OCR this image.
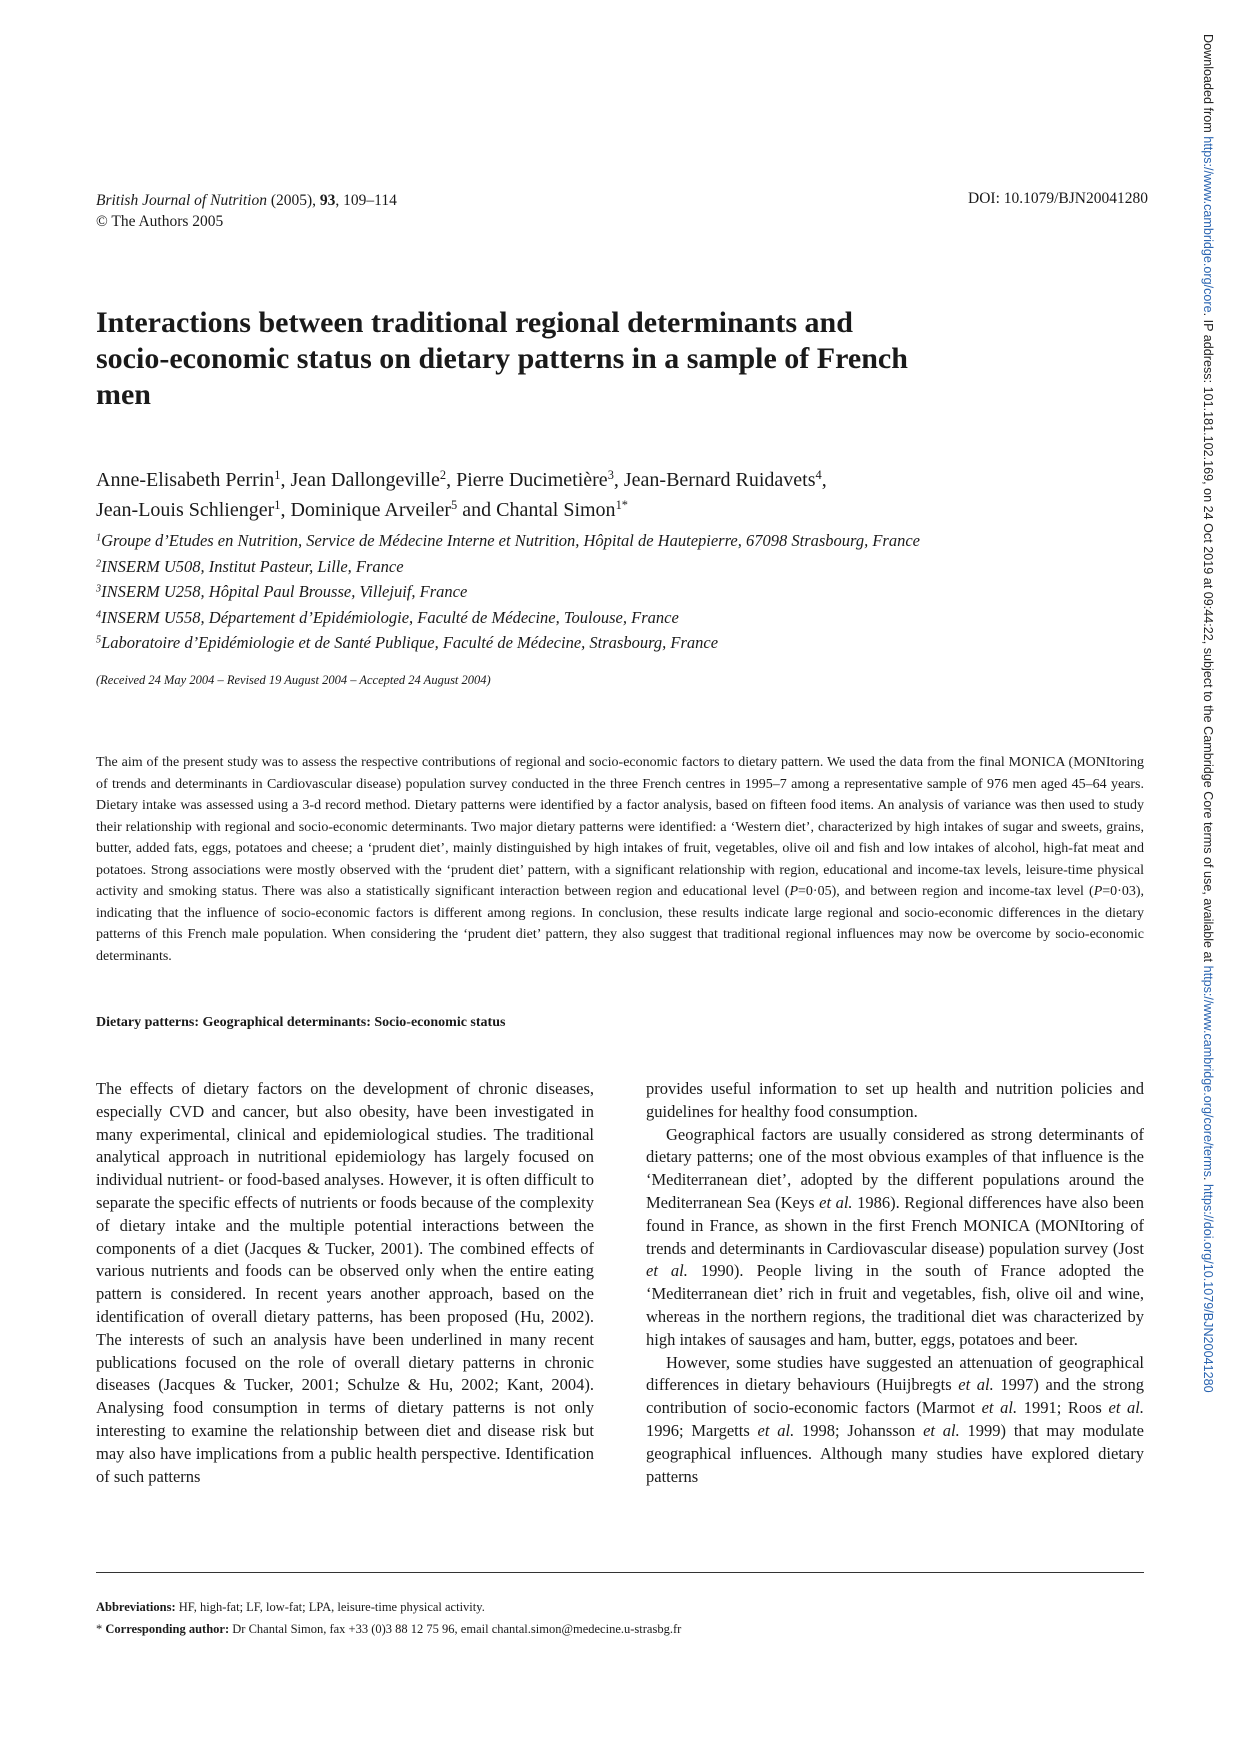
British Journal of Nutrition (2005), 93, 109–114
© The Authors 2005
DOI: 10.1079/BJN20041280
Interactions between traditional regional determinants and socio-economic status on dietary patterns in a sample of French men
Anne-Elisabeth Perrin$^1$, Jean Dallongeville$^2$, Pierre Ducimetière$^3$, Jean-Bernard Ruidavets$^4$,
Jean-Louis Schlienger$^1$, Dominique Arveiler$^5$ and Chantal Simon$^{1*}$
$^1$Groupe d’Etudes en Nutrition, Service de Médecine Interne et Nutrition, Hôpital de Hautepierre, 67098 Strasbourg, France
$^2$INSERM U508, Institut Pasteur, Lille, France
$^3$INSERM U258, Hôpital Paul Brousse, Villejuif, France
$^4$INSERM U558, Département d’Epidémiologie, Faculté de Médecine, Toulouse, France
$^5$Laboratoire d’Epidémiologie et de Santé Publique, Faculté de Médecine, Strasbourg, France
(Received 24 May 2004 – Revised 19 August 2004 – Accepted 24 August 2004)

The aim of the present study was to assess the respective contributions of regional and socio-economic factors to dietary pattern. We used the data from the final MONICA (MONItoring of trends and determinants in Cardiovascular disease) population survey conducted in the three French centres in 1995–7 among a representative sample of 976 men aged 45–64 years. Dietary intake was assessed using a 3-d record method. Dietary patterns were identified by a factor analysis, based on fifteen food items. An analysis of variance was then used to study their relationship with regional and socio-economic determinants. Two major dietary patterns were identified: a ‘Western diet’, characterized by high intakes of sugar and sweets, grains, butter, added fats, eggs, potatoes and cheese; a ‘prudent diet’, mainly distinguished by high intakes of fruit, vegetables, olive oil and fish and low intakes of alcohol, high-fat meat and potatoes. Strong associations were mostly observed with the ‘prudent diet’ pattern, with a significant relationship with region, educational and income-tax levels, leisure-time physical activity and smoking status. There was also a statistically significant interaction between region and educational level (P=0·05), and between region and income-tax level (P=0·03), indicating that the influence of socio-economic factors is different among regions. In conclusion, these results indicate large regional and socio-economic differences in the dietary patterns of this French male population. When considering the ‘prudent diet’ pattern, they also suggest that traditional regional influences may now be overcome by socio-economic determinants.

Dietary patterns: Geographical determinants: Socio-economic status

The effects of dietary factors on the development of chronic diseases, especially CVD and cancer, but also obesity, have been investigated in many experimental, clinical and epidemiological studies. The traditional analytical approach in nutritional epidemiology has largely focused on individual nutrient- or food-based analyses. However, it is often difficult to separate the specific effects of nutrients or foods because of the complexity of dietary intake and the multiple potential interactions between the components of a diet (Jacques & Tucker, 2001). The combined effects of various nutrients and foods can be observed only when the entire eating pattern is considered. In recent years another approach, based on the identification of overall dietary patterns, has been proposed (Hu, 2002). The interests of such an analysis have been underlined in many recent publications focused on the role of overall dietary patterns in chronic diseases (Jacques & Tucker, 2001; Schulze & Hu, 2002; Kant, 2004). Analysing food consumption in terms of dietary patterns is not only interesting to examine the relationship between diet and disease risk but may also have implications from a public health perspective. Identification of such patterns

provides useful information to set up health and nutrition policies and guidelines for healthy food consumption.

Geographical factors are usually considered as strong determinants of dietary patterns; one of the most obvious examples of that influence is the ‘Mediterranean diet’, adopted by the different populations around the Mediterranean Sea (Keys et al. 1986). Regional differences have also been found in France, as shown in the first French MONICA (MONItoring of trends and determinants in Cardiovascular disease) population survey (Jost et al. 1990). People living in the south of France adopted the ‘Mediterranean diet’ rich in fruit and vegetables, fish, olive oil and wine, whereas in the northern regions, the traditional diet was characterized by high intakes of sausages and ham, butter, eggs, potatoes and beer.

However, some studies have suggested an attenuation of geographical differences in dietary behaviours (Huijbregts et al. 1997) and the strong contribution of socio-economic factors (Marmot et al. 1991; Roos et al. 1996; Margetts et al. 1998; Johansson et al. 1999) that may modulate geographical influences. Although many studies have explored dietary patterns

Abbreviations: HF, high-fat; LF, low-fat; LPA, leisure-time physical activity.
* Corresponding author: Dr Chantal Simon, fax +33 (0)3 88 12 75 96, email chantal.simon@medecine.u-strasbg.fr
Downloaded from https://www.cambridge.org/core. IP address: 101.181.102.169, on 24 Oct 2019 at 09:44:22, subject to the Cambridge Core terms of use, available at https://www.cambridge.org/core/terms. https://doi.org/10.1079/BJN20041280
